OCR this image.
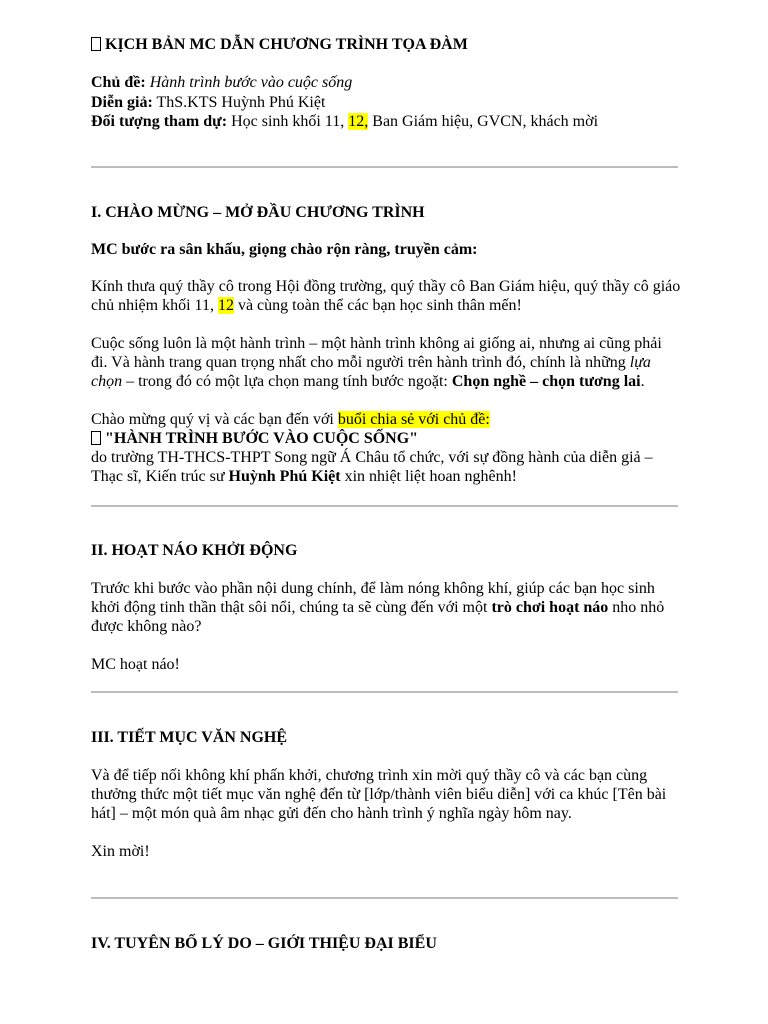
KỊCH BẢN MC DẪN CHƯƠNG TRÌNH TỌA ĐÀM

Chủ đề: Hành trình bước vào cuộc sống

Diễn giả: ThS.KTS Huỳnh Phú Kiệt

Đối tượng tham dự: Học sinh khối 11, 12, Ban Giám hiệu, GVCN, khách mời

I. CHÀO MỪNG – MỞ ĐẦU CHƯƠNG TRÌNH

MC bước ra sân khấu, giọng chào rộn ràng, truyền cảm:

Kính thưa quý thầy cô trong Hội đồng trường, quý thầy cô Ban Giám hiệu, quý thầy cô giáo chủ nhiệm khối 11, 12 và cùng toàn thể các bạn học sinh thân mến!

Cuộc sống luôn là một hành trình – một hành trình không ai giống ai, nhưng ai cũng phải đi. Và hành trang quan trọng nhất cho mỗi người trên hành trình đó, chính là những lựa chọn – trong đó có một lựa chọn mang tính bước ngoặt: Chọn nghề – chọn tương lai.

Chào mừng quý vị và các bạn đến với buổi chia sẻ với chủ đề:
"HÀNH TRÌNH BƯỚC VÀO CUỘC SỐNG"
do trường TH-THCS-THPT Song ngữ Á Châu tổ chức, với sự đồng hành của diễn giả – Thạc sĩ, Kiến trúc sư Huỳnh Phú Kiệt xin nhiệt liệt hoan nghênh!

II. HOẠT NÁO KHỞI ĐỘNG

Trước khi bước vào phần nội dung chính, để làm nóng không khí, giúp các bạn học sinh khởi động tinh thần thật sôi nổi, chúng ta sẽ cùng đến với một trò chơi hoạt náo nho nhỏ được không nào?

MC hoạt náo!

III. TIẾT MỤC VĂN NGHỆ

Và để tiếp nối không khí phấn khởi, chương trình xin mời quý thầy cô và các bạn cùng thưởng thức một tiết mục văn nghệ đến từ [lớp/thành viên biểu diễn] với ca khúc [Tên bài hát] – một món quà âm nhạc gửi đến cho hành trình ý nghĩa ngày hôm nay.

Xin mời!

IV. TUYÊN BỐ LÝ DO – GIỚI THIỆU ĐẠI BIỂU
